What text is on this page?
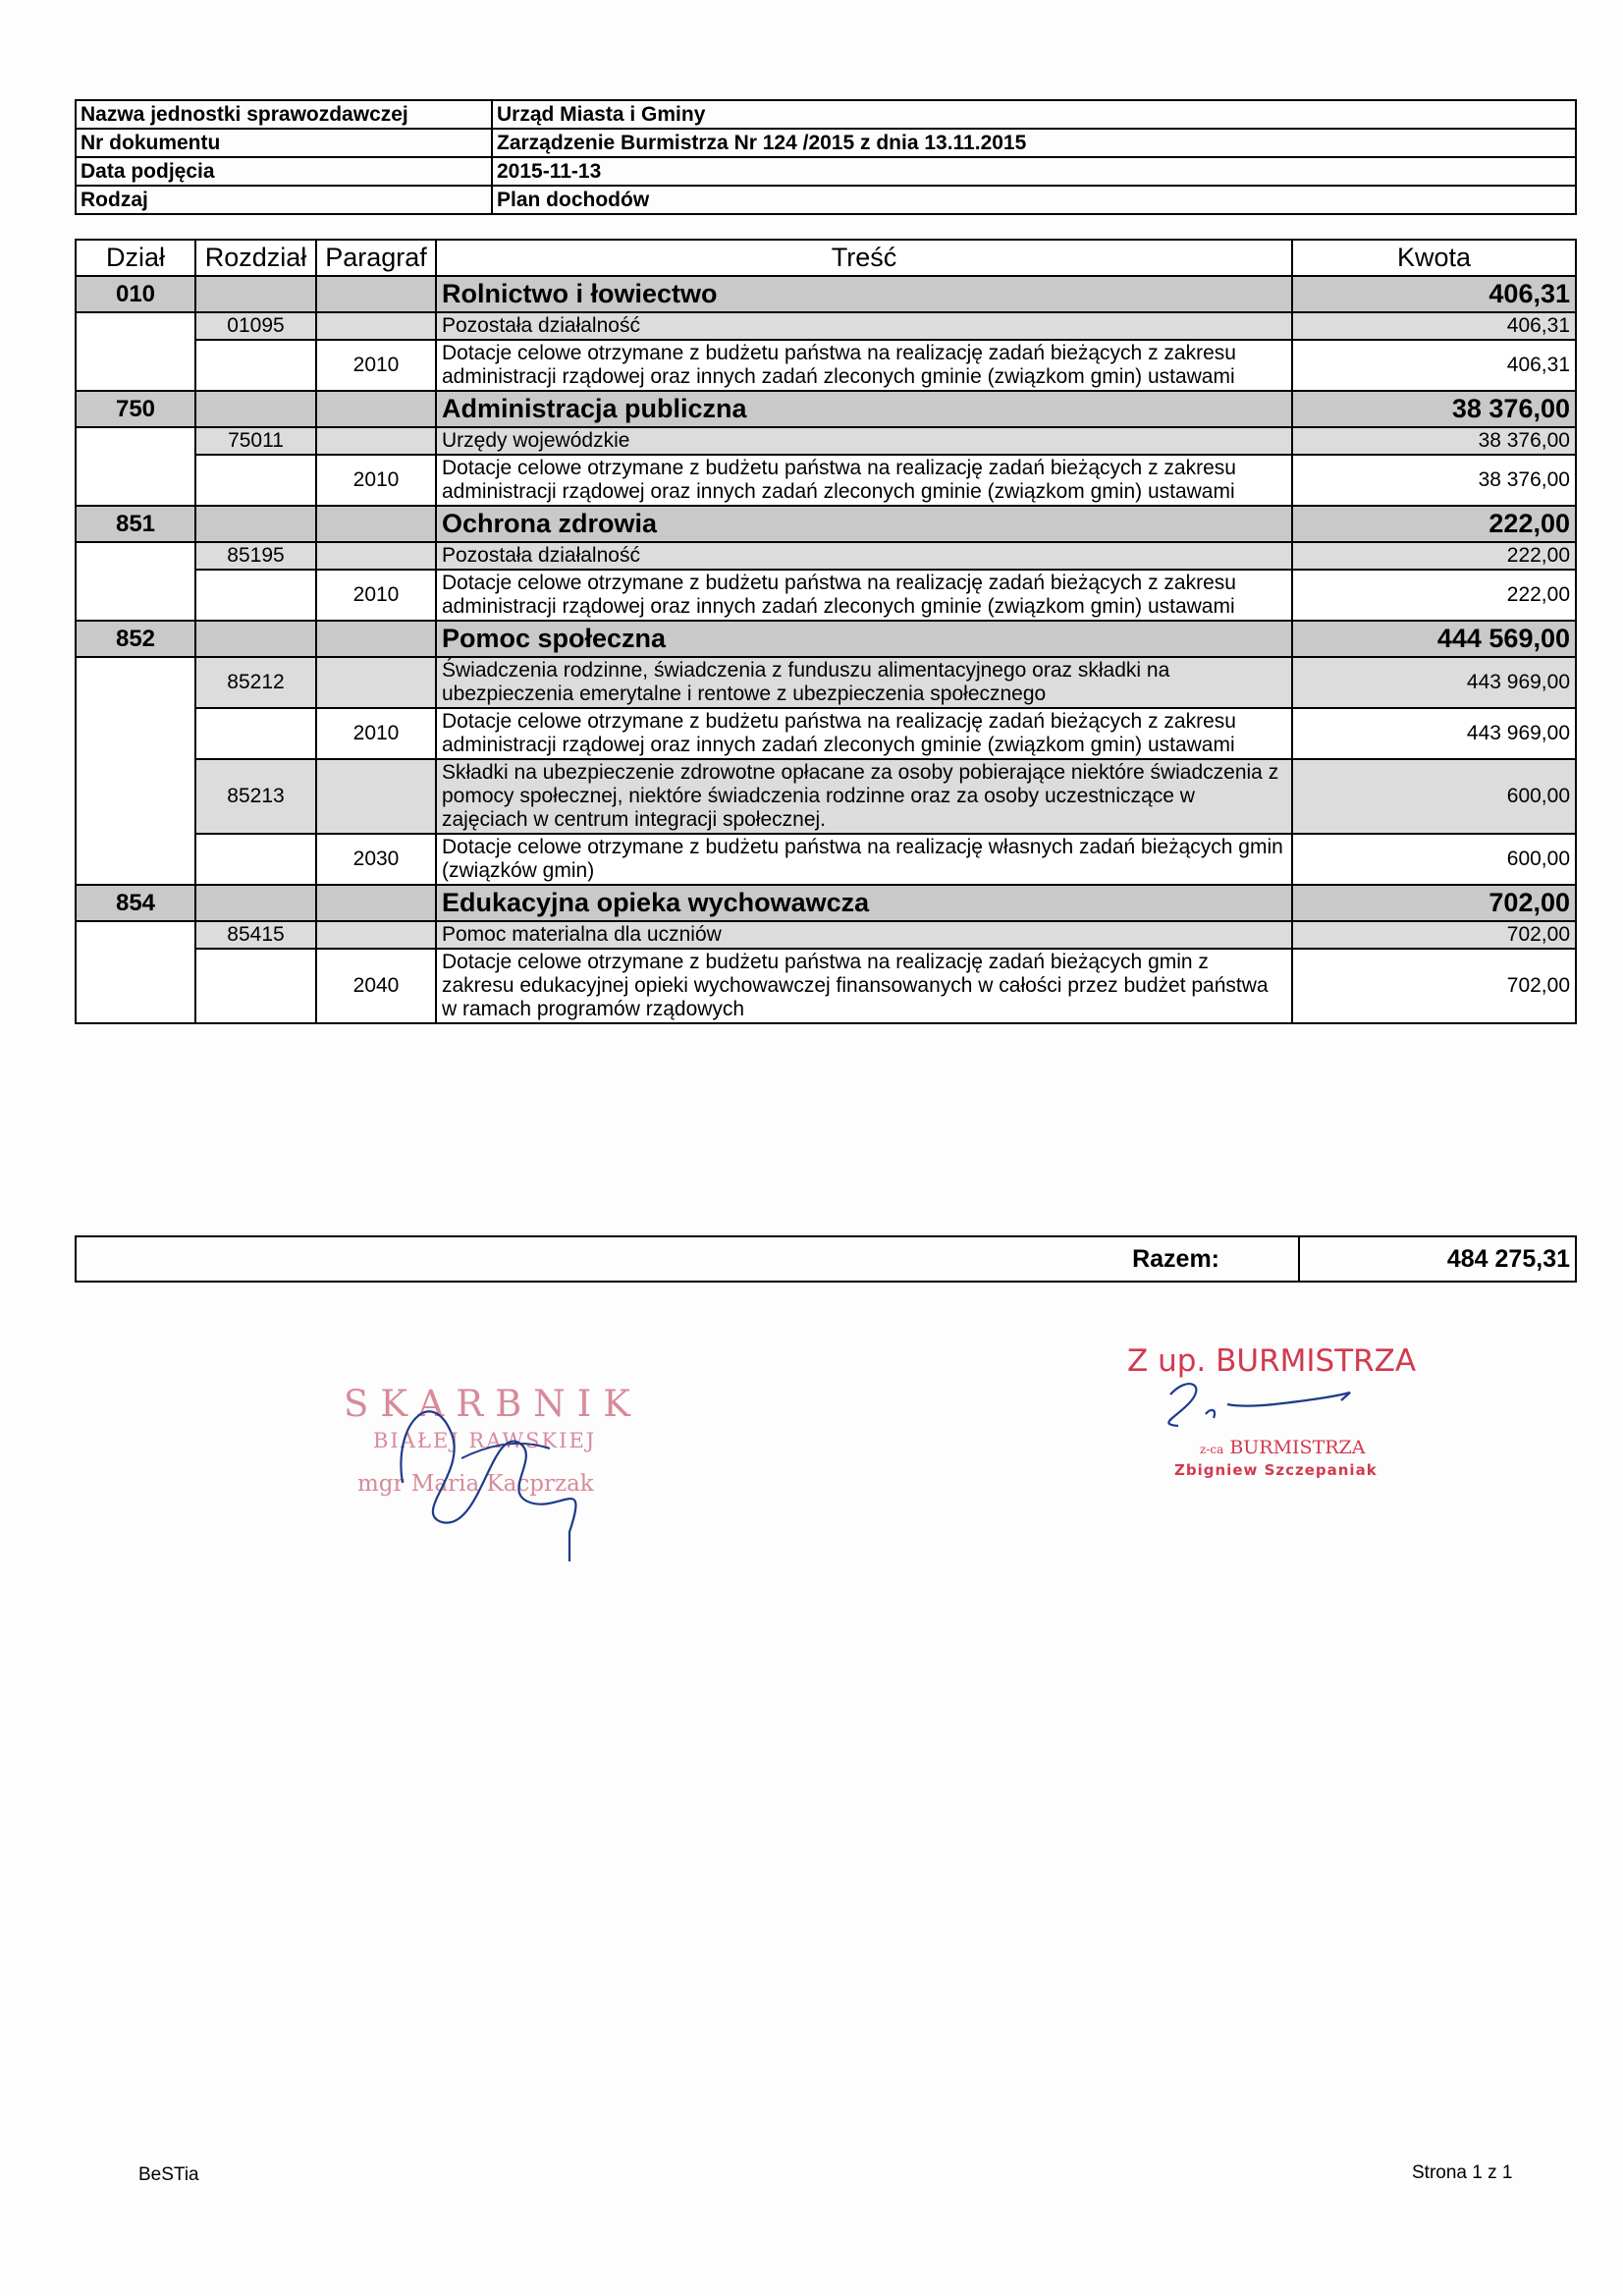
Nazwa jednostki sprawozdawczej	Urząd Miasta i Gminy
Nr dokumentu	Zarządzenie Burmistrza Nr 124 /2015 z dnia 13.11.2015
Data podjęcia	2015-11-13
Rodzaj	Plan dochodów
Dział	Rozdział	Paragraf	Treść	Kwota
010			Rolnictwo i łowiectwo	406,31
	01095		Pozostała działalność	406,31
		2010	Dotacje celowe otrzymane z budżetu państwa na realizację zadań bieżących z zakresu administracji rządowej oraz innych zadań zleconych gminie (związkom gmin) ustawami	406,31
750			Administracja publiczna	38 376,00
	75011		Urzędy wojewódzkie	38 376,00
		2010	Dotacje celowe otrzymane z budżetu państwa na realizację zadań bieżących z zakresu administracji rządowej oraz innych zadań zleconych gminie (związkom gmin) ustawami	38 376,00
851			Ochrona zdrowia	222,00
	85195		Pozostała działalność	222,00
		2010	Dotacje celowe otrzymane z budżetu państwa na realizację zadań bieżących z zakresu administracji rządowej oraz innych zadań zleconych gminie (związkom gmin) ustawami	222,00
852			Pomoc społeczna	444 569,00
	85212		Świadczenia rodzinne, świadczenia z funduszu alimentacyjnego oraz składki na ubezpieczenia emerytalne i rentowe z ubezpieczenia społecznego	443 969,00
		2010	Dotacje celowe otrzymane z budżetu państwa na realizację zadań bieżących z zakresu administracji rządowej oraz innych zadań zleconych gminie (związkom gmin) ustawami	443 969,00
	85213		Składki na ubezpieczenie zdrowotne opłacane za osoby pobierające niektóre świadczenia z pomocy społecznej, niektóre świadczenia rodzinne oraz za osoby uczestniczące w zajęciach w centrum integracji społecznej.	600,00
		2030	Dotacje celowe otrzymane z budżetu państwa na realizację własnych zadań bieżących gmin (związków gmin)	600,00
854			Edukacyjna opieka wychowawcza	702,00
	85415		Pomoc materialna dla uczniów	702,00
		2040	Dotacje celowe otrzymane z budżetu państwa na realizację zadań bieżących gmin z zakresu edukacyjnej opieki wychowawczej finansowanych w całości przez budżet państwa w ramach programów rządowych	702,00
Razem:	484 275,31
SKARBNIK
BIAŁEJ RAWSKIEJ
mgr Maria Kacprzak
Z up. BURMISTRZA
z-ca BURMISTRZA
Zbigniew Szczepaniak
BeSTia	Strona 1 z 1
